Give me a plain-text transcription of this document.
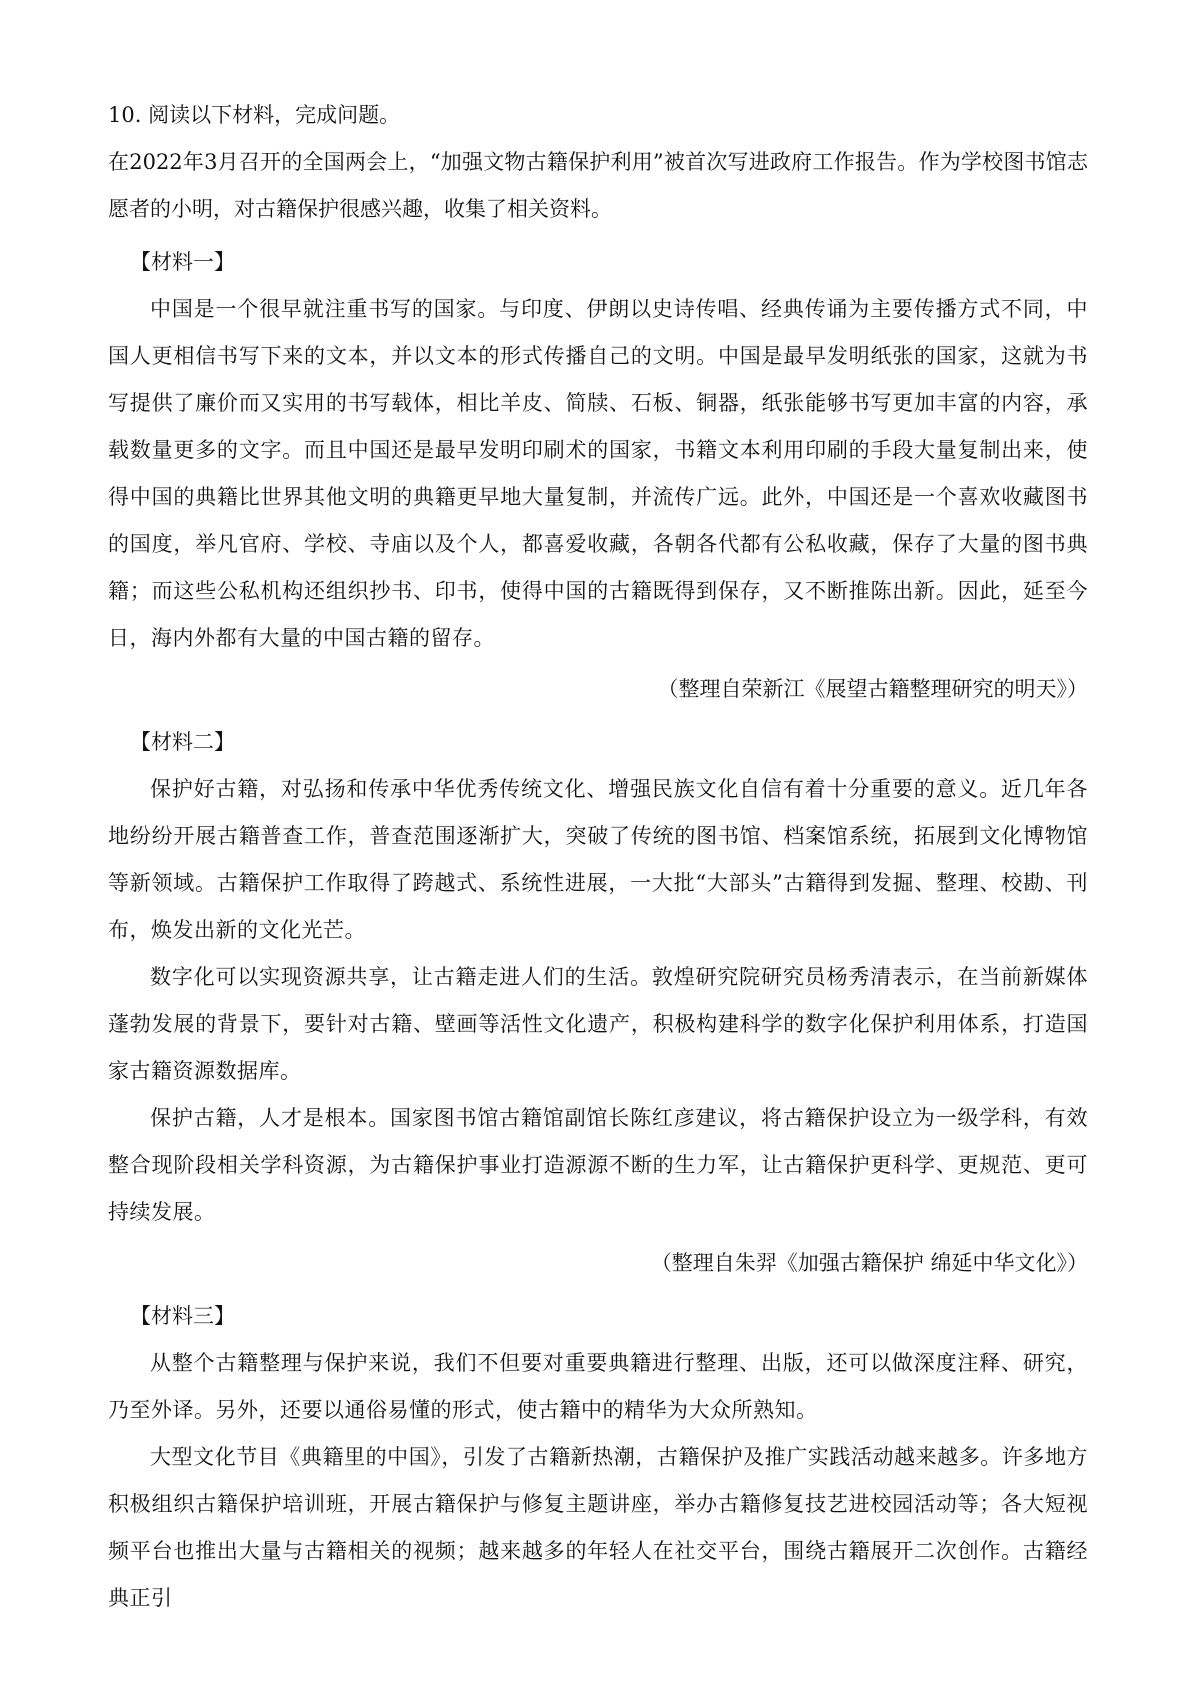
10. 阅读以下材料，完成问题。

在2022年3月召开的全国两会上，“加强文物古籍保护利用”被首次写进政府工作报告。作为学校图书馆志愿者的小明，对古籍保护很感兴趣，收集了相关资料。

【材料一】

中国是一个很早就注重书写的国家。与印度、伊朗以史诗传唱、经典传诵为主要传播方式不同，中国人更相信书写下来的文本，并以文本的形式传播自己的文明。中国是最早发明纸张的国家，这就为书写提供了廉价而又实用的书写载体，相比羊皮、简牍、石板、铜器，纸张能够书写更加丰富的内容，承载数量更多的文字。而且中国还是最早发明印刷术的国家，书籍文本利用印刷的手段大量复制出来，使得中国的典籍比世界其他文明的典籍更早地大量复制，并流传广远。此外，中国还是一个喜欢收藏图书的国度，举凡官府、学校、寺庙以及个人，都喜爱收藏，各朝各代都有公私收藏，保存了大量的图书典籍；而这些公私机构还组织抄书、印书，使得中国的古籍既得到保存，又不断推陈出新。因此，延至今日，海内外都有大量的中国古籍的留存。

（整理自荣新江《展望古籍整理研究的明天》）
【材料二】

保护好古籍，对弘扬和传承中华优秀传统文化、增强民族文化自信有着十分重要的意义。近几年各地纷纷开展古籍普查工作，普查范围逐渐扩大，突破了传统的图书馆、档案馆系统，拓展到文化博物馆等新领域。古籍保护工作取得了跨越式、系统性进展，一大批“大部头”古籍得到发掘、整理、校勘、刊布，焕发出新的文化光芒。

数字化可以实现资源共享，让古籍走进人们的生活。敦煌研究院研究员杨秀清表示，在当前新媒体蓬勃发展的背景下，要针对古籍、壁画等活性文化遗产，积极构建科学的数字化保护利用体系，打造国家古籍资源数据库。

保护古籍，人才是根本。国家图书馆古籍馆副馆长陈红彦建议，将古籍保护设立为一级学科，有效整合现阶段相关学科资源，为古籍保护事业打造源源不断的生力军，让古籍保护更科学、更规范、更可持续发展。

（整理自朱羿《加强古籍保护 绵延中华文化》）
【材料三】

从整个古籍整理与保护来说，我们不但要对重要典籍进行整理、出版，还可以做深度注释、研究，乃至外译。另外，还要以通俗易懂的形式，使古籍中的精华为大众所熟知。

大型文化节目《典籍里的中国》，引发了古籍新热潮，古籍保护及推广实践活动越来越多。许多地方积极组织古籍保护培训班，开展古籍保护与修复主题讲座，举办古籍修复技艺进校园活动等；各大短视频平台也推出大量与古籍相关的视频；越来越多的年轻人在社交平台，围绕古籍展开二次创作。古籍经典正引
